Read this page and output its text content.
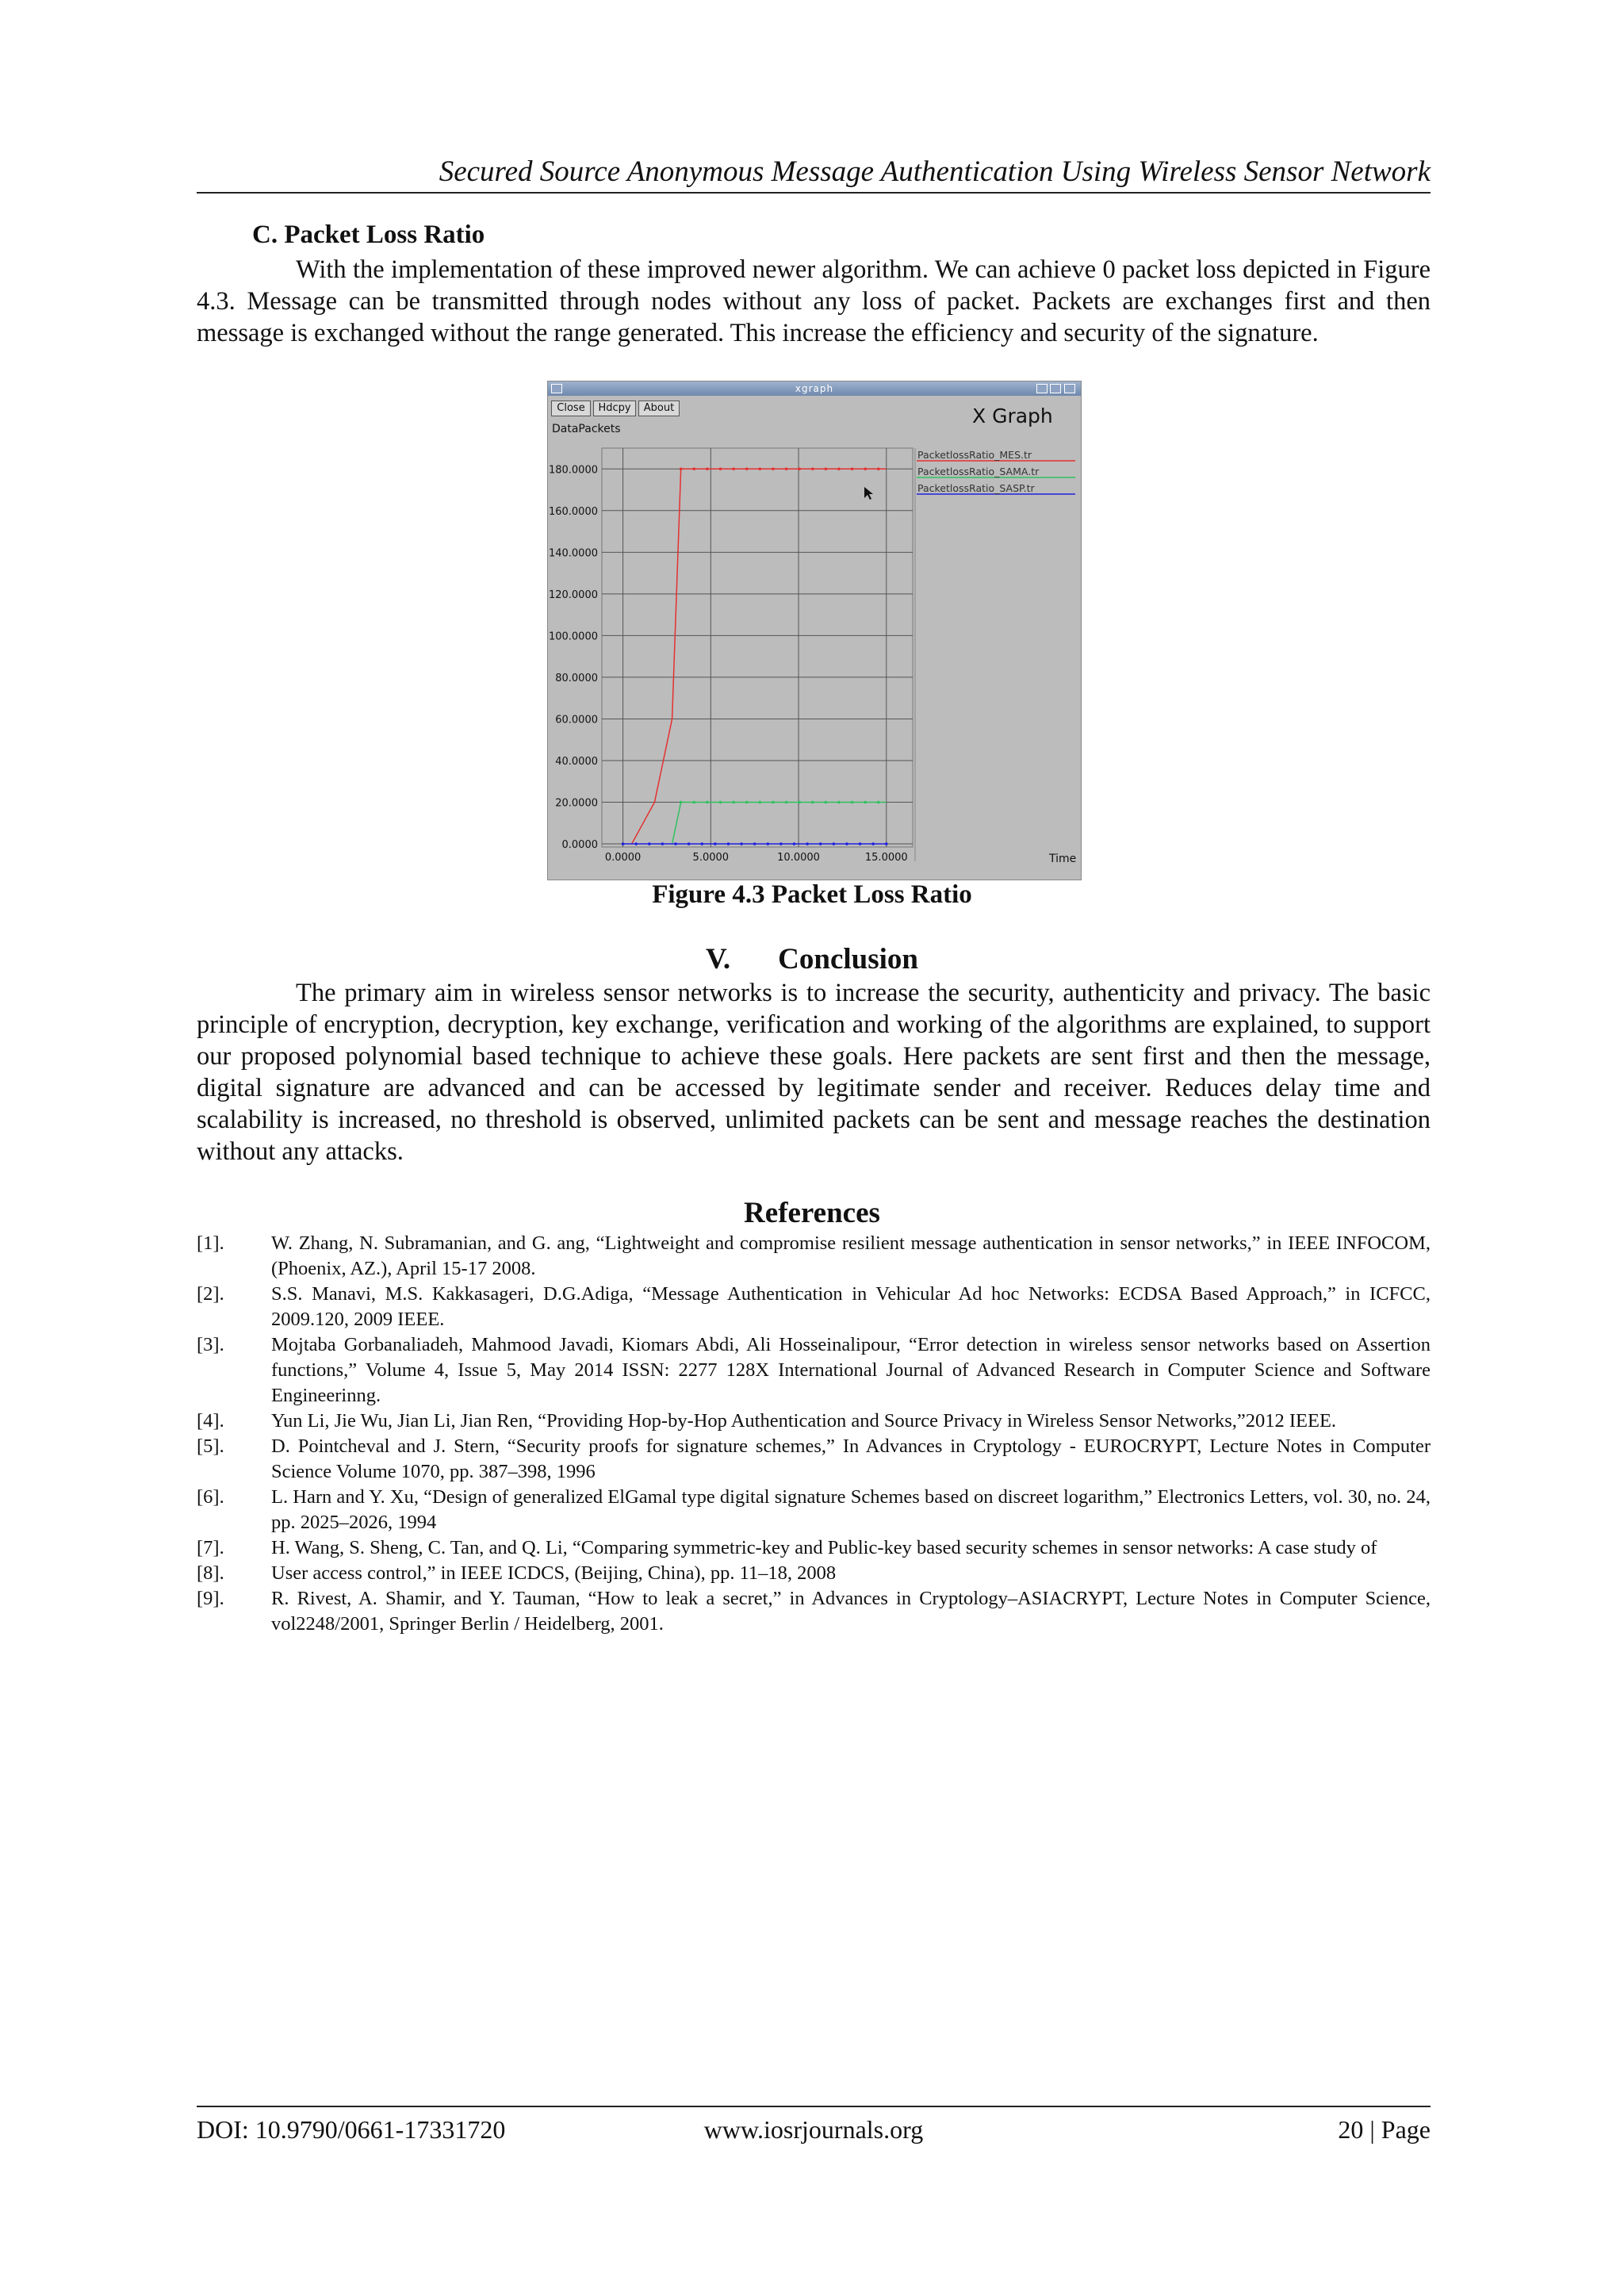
Secured Source Anonymous Message Authentication Using Wireless Sensor Network
C. Packet Loss Ratio
With the implementation of these improved newer algorithm. We can achieve 0 packet loss depicted in Figure 4.3. Message can be transmitted through nodes without any loss of packet. Packets are exchanges first and then message is exchanged without the range generated. This increase the efficiency and security of the signature.
xgraph
Close	Hdcpy	About	X Graph
DataPackets
Time
0.0000
20.0000
40.0000
60.0000
80.0000
100.0000
120.0000
140.0000
160.0000
180.0000
0.0000	5.0000	10.0000	15.0000
PacketlossRatio_MES.tr
PacketlossRatio_SAMA.tr
PacketlossRatio_SASP.tr
Figure 4.3 Packet Loss Ratio
V. Conclusion
The primary aim in wireless sensor networks is to increase the security, authenticity and privacy. The basic principle of encryption, decryption, key exchange, verification and working of the algorithms are explained, to support our proposed polynomial based technique to achieve these goals. Here packets are sent first and then the message, digital signature are advanced and can be accessed by legitimate sender and receiver. Reduces delay time and scalability is increased, no threshold is observed, unlimited packets can be sent and message reaches the destination without any attacks.
References
[1]. W. Zhang, N. Subramanian, and G. ang, “Lightweight and compromise resilient message authentication in sensor networks,” in IEEE INFOCOM, (Phoenix, AZ.), April 15-17 2008.
[2]. S.S. Manavi, M.S. Kakkasageri, D.G.Adiga, “Message Authentication in Vehicular Ad hoc Networks: ECDSA Based Approach,” in ICFCC, 2009.120, 2009 IEEE.
[3]. Mojtaba Gorbanaliadeh, Mahmood Javadi, Kiomars Abdi, Ali Hosseinalipour, “Error detection in wireless sensor networks based on Assertion functions,” Volume 4, Issue 5, May 2014 ISSN: 2277 128X International Journal of Advanced Research in Computer Science and Software Engineerinng.
[4]. Yun Li, Jie Wu, Jian Li, Jian Ren, “Providing Hop-by-Hop Authentication and Source Privacy in Wireless Sensor Networks,”2012 IEEE.
[5]. D. Pointcheval and J. Stern, “Security proofs for signature schemes,” In Advances in Cryptology - EUROCRYPT, Lecture Notes in Computer Science Volume 1070, pp. 387–398, 1996
[6]. L. Harn and Y. Xu, “Design of generalized ElGamal type digital signature Schemes based on discreet logarithm,” Electronics Letters, vol. 30, no. 24, pp. 2025–2026, 1994
[7]. H. Wang, S. Sheng, C. Tan, and Q. Li, “Comparing symmetric-key and Public-key based security schemes in sensor networks: A case study of
[8]. User access control,” in IEEE ICDCS, (Beijing, China), pp. 11–18, 2008
[9]. R. Rivest, A. Shamir, and Y. Tauman, “How to leak a secret,” in Advances in Cryptology–ASIACRYPT, Lecture Notes in Computer Science, vol2248/2001, Springer Berlin / Heidelberg, 2001.
DOI: 10.9790/0661-17331720	www.iosrjournals.org	20 | Page
